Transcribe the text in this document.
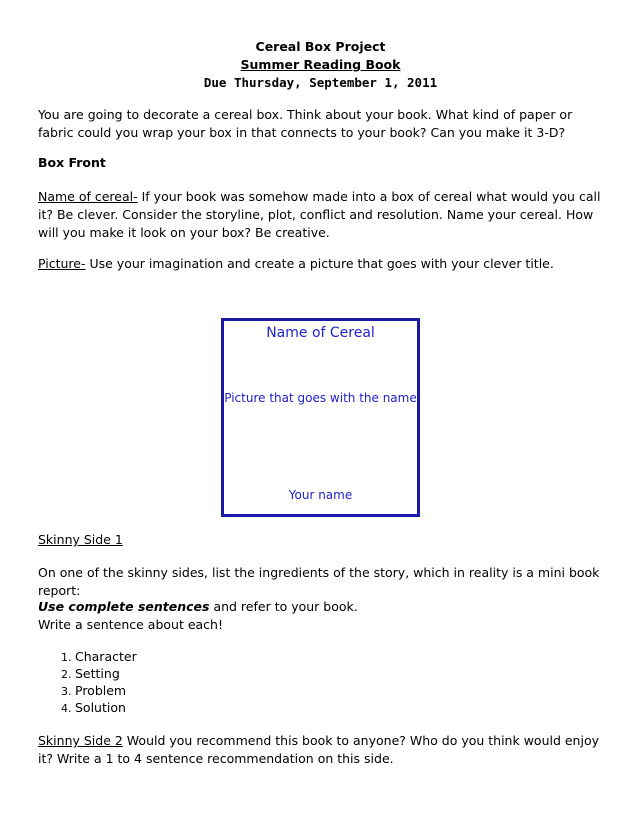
Cereal Box Project
Summer Reading Book
Due Thursday, September 1, 2011

You are going to decorate a cereal box. Think about your book. What kind of paper or fabric could you wrap your box in that connects to your book? Can you make it 3-D?

Box Front

Name of cereal- If your book was somehow made into a box of cereal what would you call it? Be clever. Consider the storyline, plot, conflict and resolution. Name your cereal. How will you make it look on your box? Be creative.

Picture- Use your imagination and create a picture that goes with your clever title.

Name of Cereal
Picture that goes with the name
Your name

Skinny Side 1

On one of the skinny sides, list the ingredients of the story, which in reality is a mini book report:

Use complete sentences and refer to your book.

Write a sentence about each!

1. Character
2. Setting
3. Problem
4. Solution

Skinny Side 2 Would you recommend this book to anyone? Who do you think would enjoy it? Write a 1 to 4 sentence recommendation on this side.
